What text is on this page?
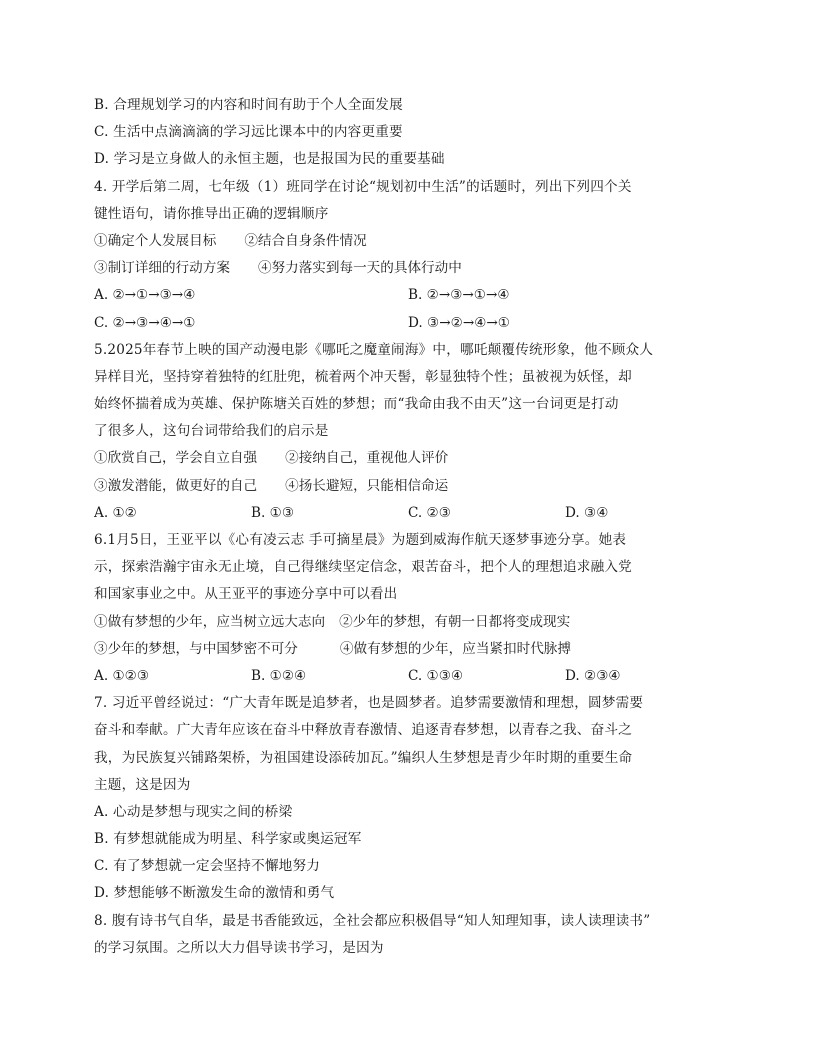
B. 合理规划学习的内容和时间有助于个人全面发展
C. 生活中点滴滴滴的学习远比课本中的内容更重要
D. 学习是立身做人的永恒主题，也是报国为民的重要基础
4. 开学后第二周，七年级（1）班同学在讨论“规划初中生活”的话题时，列出下列四个关
键性语句，请你推导出正确的逻辑顺序
①确定个人发展目标 ②结合自身条件情况
③制订详细的行动方案 ④努力落实到每一天的具体行动中
A. ②→①→③→④	B. ②→③→①→④
C. ②→③→④→①	D. ③→②→④→①
5.2025年春节上映的国产动漫电影《哪吒之魔童闹海》中，哪吒颠覆传统形象，他不顾众人
异样目光，坚持穿着独特的红肚兜，梳着两个冲天髻，彰显独特个性；虽被视为妖怪，却
始终怀揣着成为英雄、保护陈塘关百姓的梦想；而“我命由我不由天”这一台词更是打动
了很多人，这句台词带给我们的启示是
①欣赏自己，学会自立自强 ②接纳自己，重视他人评价
③激发潜能，做更好的自己 ④扬长避短，只能相信命运
A. ①②	B. ①③	C. ②③	D. ③④
6.1月5日，王亚平以《心有凌云志 手可摘星晨》为题到威海作航天逐梦事迹分享。她表
示，探索浩瀚宇宙永无止境，自己得继续坚定信念，艰苦奋斗，把个人的理想追求融入党
和国家事业之中。从王亚平的事迹分享中可以看出
①做有梦想的少年，应当树立远大志向 ②少年的梦想，有朝一日都将变成现实
③少年的梦想，与中国梦密不可分	④做有梦想的少年，应当紧扣时代脉搏
A. ①②③	B. ①②④	C. ①③④	D. ②③④
7. 习近平曾经说过：“广大青年既是追梦者，也是圆梦者。追梦需要激情和理想，圆梦需要
奋斗和奉献。广大青年应该在奋斗中释放青春激情、追逐青春梦想，以青春之我、奋斗之
我，为民族复兴铺路架桥，为祖国建设添砖加瓦。”编织人生梦想是青少年时期的重要生命
主题，这是因为
A. 心动是梦想与现实之间的桥梁
B. 有梦想就能成为明星、科学家或奥运冠军
C. 有了梦想就一定会坚持不懈地努力
D. 梦想能够不断激发生命的激情和勇气
8. 腹有诗书气自华，最是书香能致远，全社会都应积极倡导“知人知理知事，读人读理读书”
的学习氛围。之所以大力倡导读书学习，是因为
